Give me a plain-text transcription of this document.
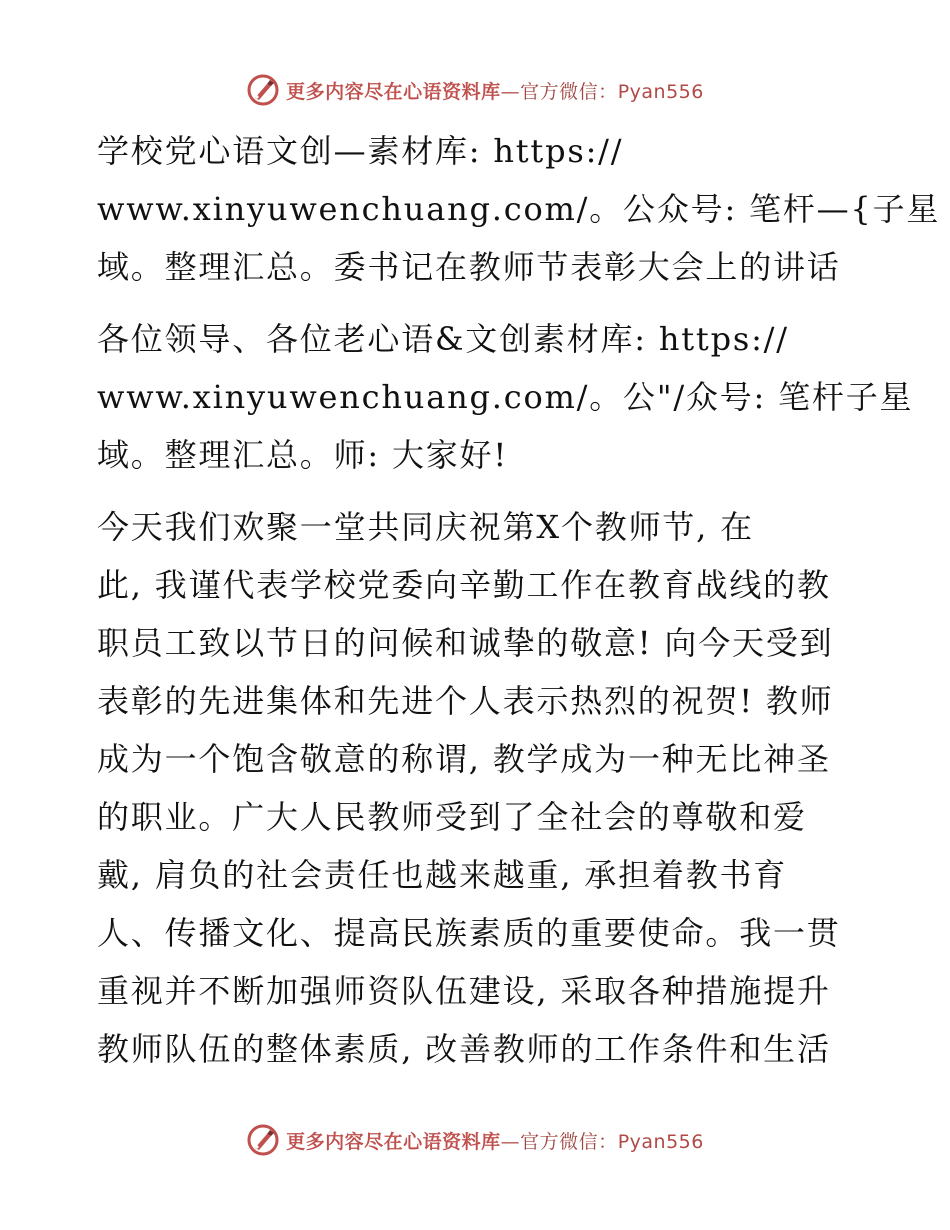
更多内容尽在心语资料库—官方微信：Pyan556

学校党心语文创—素材库: https://

www.xinyuwenchuang.com/。公众号: 笔杆—{子星

域。整理汇总。委书记在教师节表彰大会上的讲话

各位领导、各位老心语&文创素材库: https://

www.xinyuwenchuang.com/。公"/众号: 笔杆子星

域。整理汇总。师: 大家好!

今天我们欢聚一堂共同庆祝第X个教师节, 在

此, 我谨代表学校党委向辛勤工作在教育战线的教

职员工致以节日的问候和诚挚的敬意! 向今天受到

表彰的先进集体和先进个人表示热烈的祝贺! 教师

成为一个饱含敬意的称谓, 教学成为一种无比神圣

的职业。广大人民教师受到了全社会的尊敬和爱

戴, 肩负的社会责任也越来越重, 承担着教书育

人、传播文化、提高民族素质的重要使命。我一贯

重视并不断加强师资队伍建设, 采取各种措施提升

教师队伍的整体素质, 改善教师的工作条件和生活

更多内容尽在心语资料库—官方微信：Pyan556
